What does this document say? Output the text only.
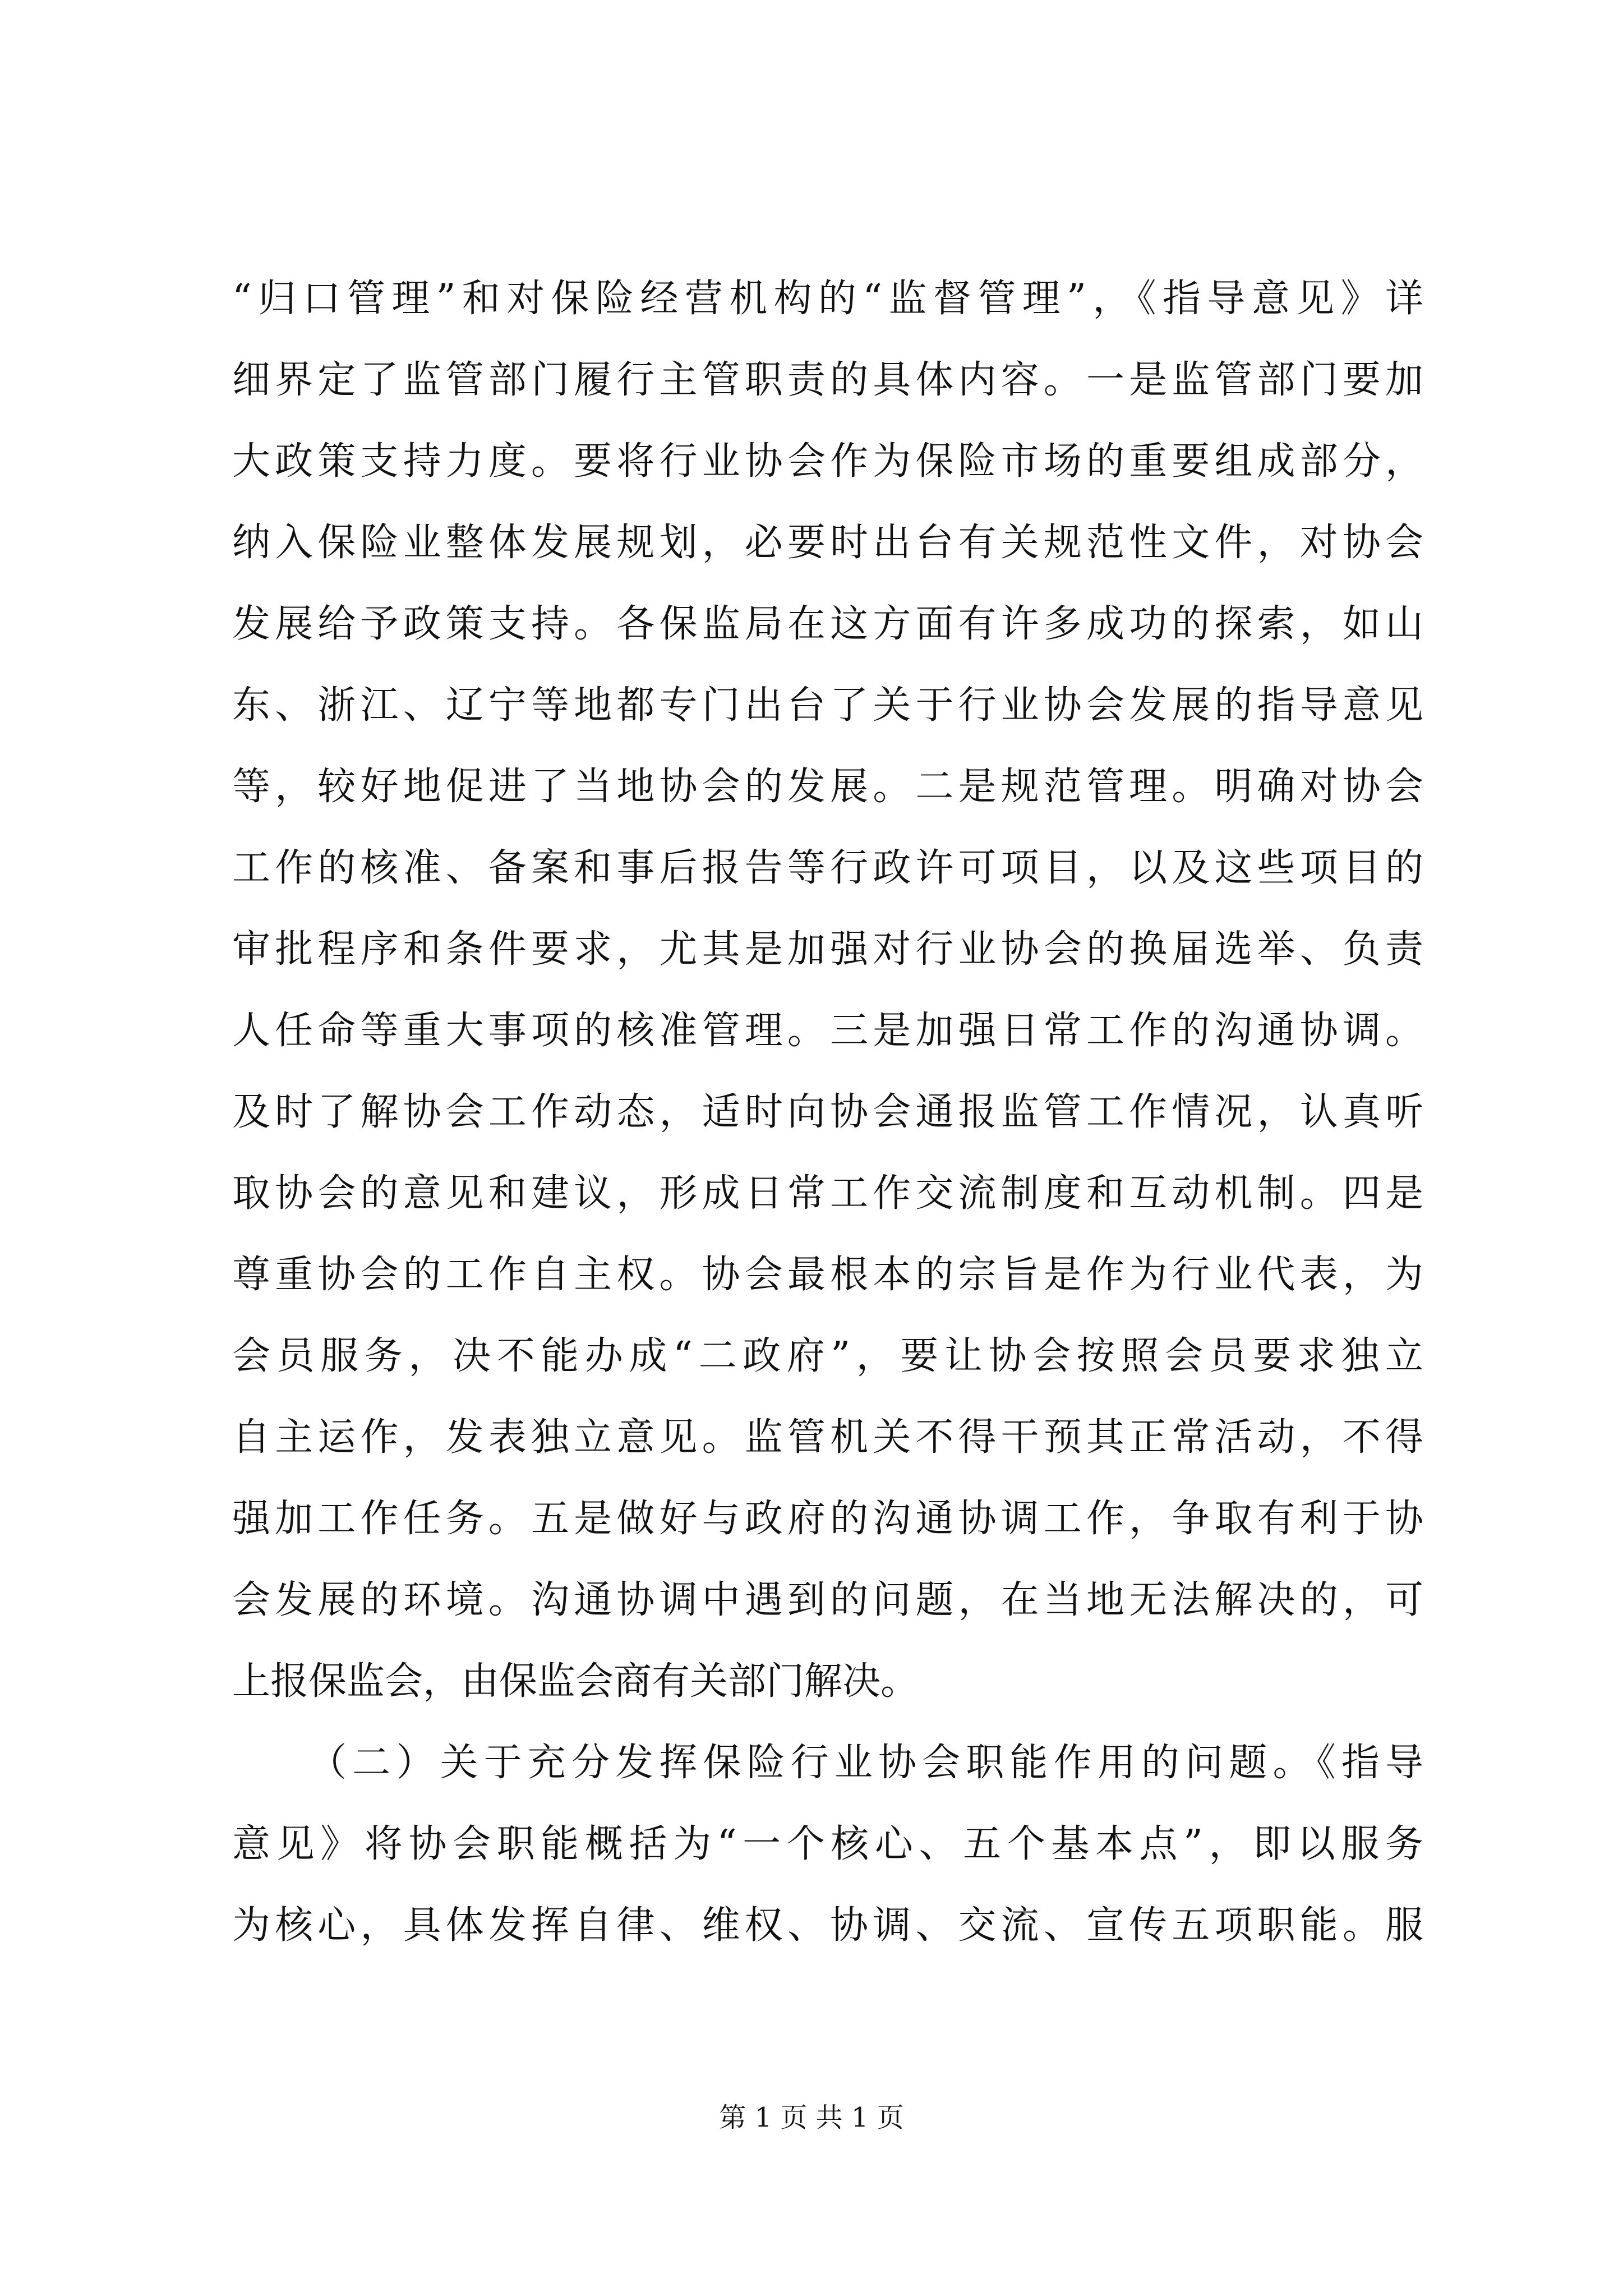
“归口管理”和对保险经营机构的“监督管理”，《指导意见》详
细界定了监管部门履行主管职责的具体内容。一是监管部门要加
大政策支持力度。要将行业协会作为保险市场的重要组成部分，
纳入保险业整体发展规划，必要时出台有关规范性文件，对协会
发展给予政策支持。各保监局在这方面有许多成功的探索，如山
东、浙江、辽宁等地都专门出台了关于行业协会发展的指导意见
等，较好地促进了当地协会的发展。二是规范管理。明确对协会
工作的核准、备案和事后报告等行政许可项目，以及这些项目的
审批程序和条件要求，尤其是加强对行业协会的换届选举、负责
人任命等重大事项的核准管理。三是加强日常工作的沟通协调。
及时了解协会工作动态，适时向协会通报监管工作情况，认真听
取协会的意见和建议，形成日常工作交流制度和互动机制。四是
尊重协会的工作自主权。协会最根本的宗旨是作为行业代表，为
会员服务，决不能办成“二政府”，要让协会按照会员要求独立
自主运作，发表独立意见。监管机关不得干预其正常活动，不得
强加工作任务。五是做好与政府的沟通协调工作，争取有利于协
会发展的环境。沟通协调中遇到的问题，在当地无法解决的，可
上报保监会，由保监会商有关部门解决。
（二）关于充分发挥保险行业协会职能作用的问题。《指导
意见》将协会职能概括为“一个核心、五个基本点”，即以服务
为核心，具体发挥自律、维权、协调、交流、宣传五项职能。服
第 1 页 共 1 页
